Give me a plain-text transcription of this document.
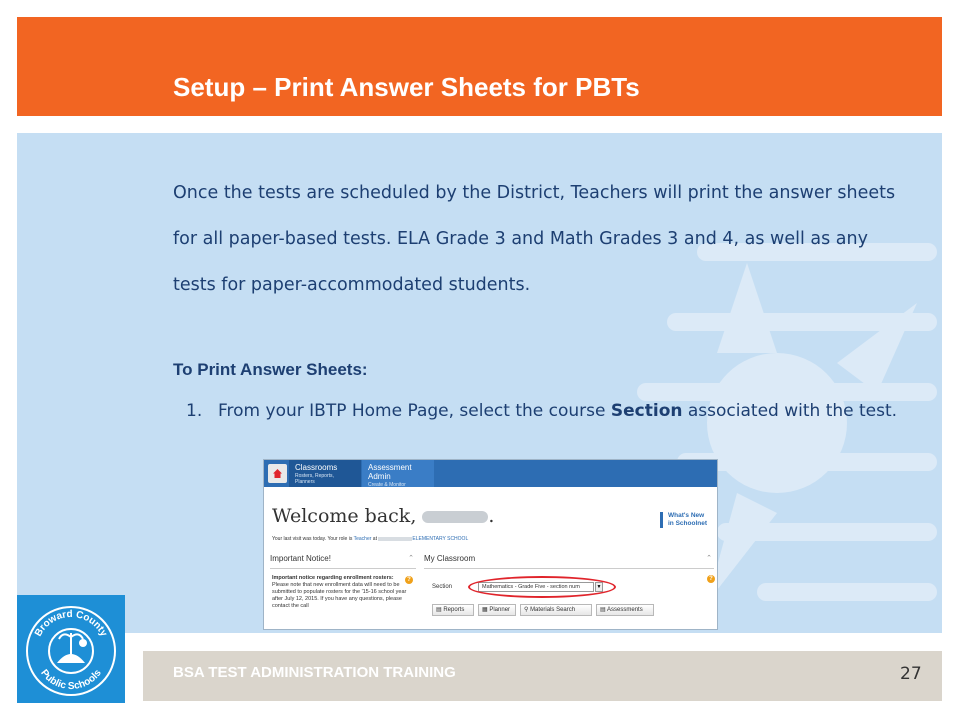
Setup – Print Answer Sheets for PBTs
Once the tests are scheduled by the District, Teachers will print the answer sheets for all paper-based tests. ELA Grade 3 and Math Grades 3 and 4, as well as any tests for paper-accommodated students.
To Print Answer Sheets:
1. From your IBTP Home Page, select the course Section associated with the test.
Classrooms
Rosters, Reports, Planners
Assessment Admin
Create & Monitor
Welcome back,	.
Your last visit was today. Your role is Teacher at	ELEMENTARY SCHOOL
What's New
in Schoolnet
Important Notice!	⌃
Important notice regarding enrollment rosters:
Please note that new enrollment data will need to be submitted to populate rosters for the '15-16 school year after July 12, 2015. If you have any questions, please contact the call
?
My Classroom	⌃
?
Section	Mathematics - Grade Five - section num	▼
▤ Reports	▦ Planner	⚲ Materials Search	▤ Assessments
Broward County
Public Schools	BSA TEST ADMINISTRATION TRAINING	27
